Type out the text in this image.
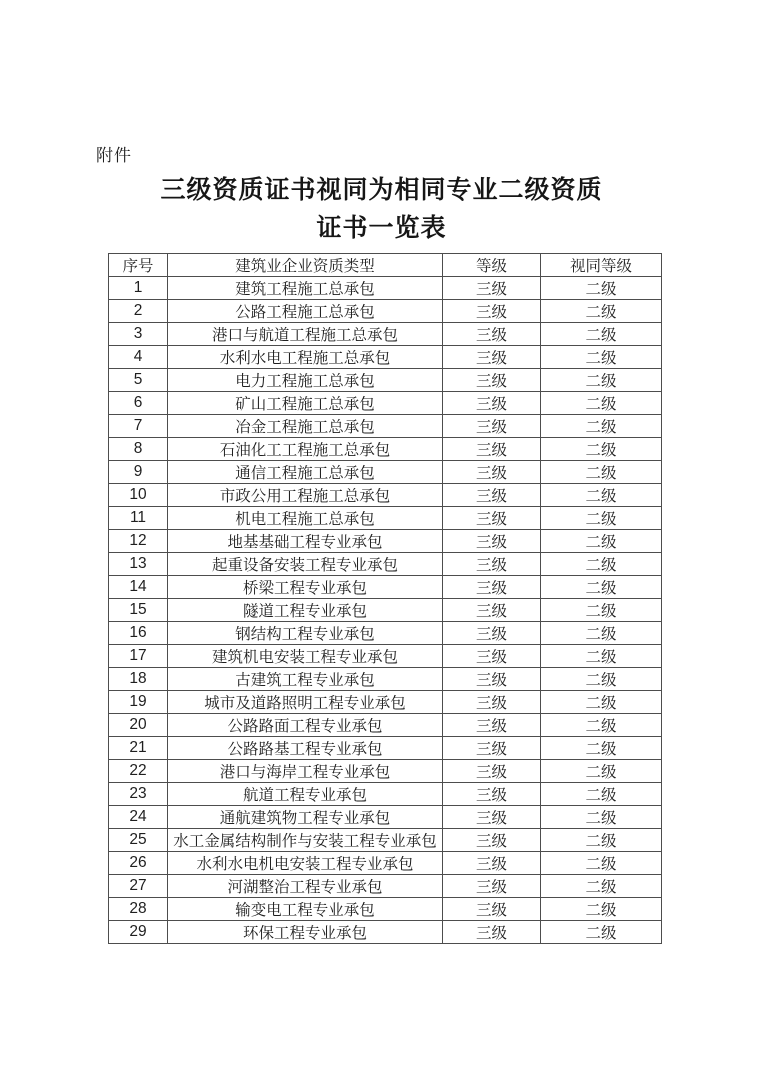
附件
三级资质证书视同为相同专业二级资质
证书一览表
序号	建筑业企业资质类型	等级	视同等级
1	建筑工程施工总承包	三级	二级
2	公路工程施工总承包	三级	二级
3	港口与航道工程施工总承包	三级	二级
4	水利水电工程施工总承包	三级	二级
5	电力工程施工总承包	三级	二级
6	矿山工程施工总承包	三级	二级
7	冶金工程施工总承包	三级	二级
8	石油化工工程施工总承包	三级	二级
9	通信工程施工总承包	三级	二级
10	市政公用工程施工总承包	三级	二级
11	机电工程施工总承包	三级	二级
12	地基基础工程专业承包	三级	二级
13	起重设备安装工程专业承包	三级	二级
14	桥梁工程专业承包	三级	二级
15	隧道工程专业承包	三级	二级
16	钢结构工程专业承包	三级	二级
17	建筑机电安装工程专业承包	三级	二级
18	古建筑工程专业承包	三级	二级
19	城市及道路照明工程专业承包	三级	二级
20	公路路面工程专业承包	三级	二级
21	公路路基工程专业承包	三级	二级
22	港口与海岸工程专业承包	三级	二级
23	航道工程专业承包	三级	二级
24	通航建筑物工程专业承包	三级	二级
25	水工金属结构制作与安装工程专业承包	三级	二级
26	水利水电机电安装工程专业承包	三级	二级
27	河湖整治工程专业承包	三级	二级
28	输变电工程专业承包	三级	二级
29	环保工程专业承包	三级	二级
